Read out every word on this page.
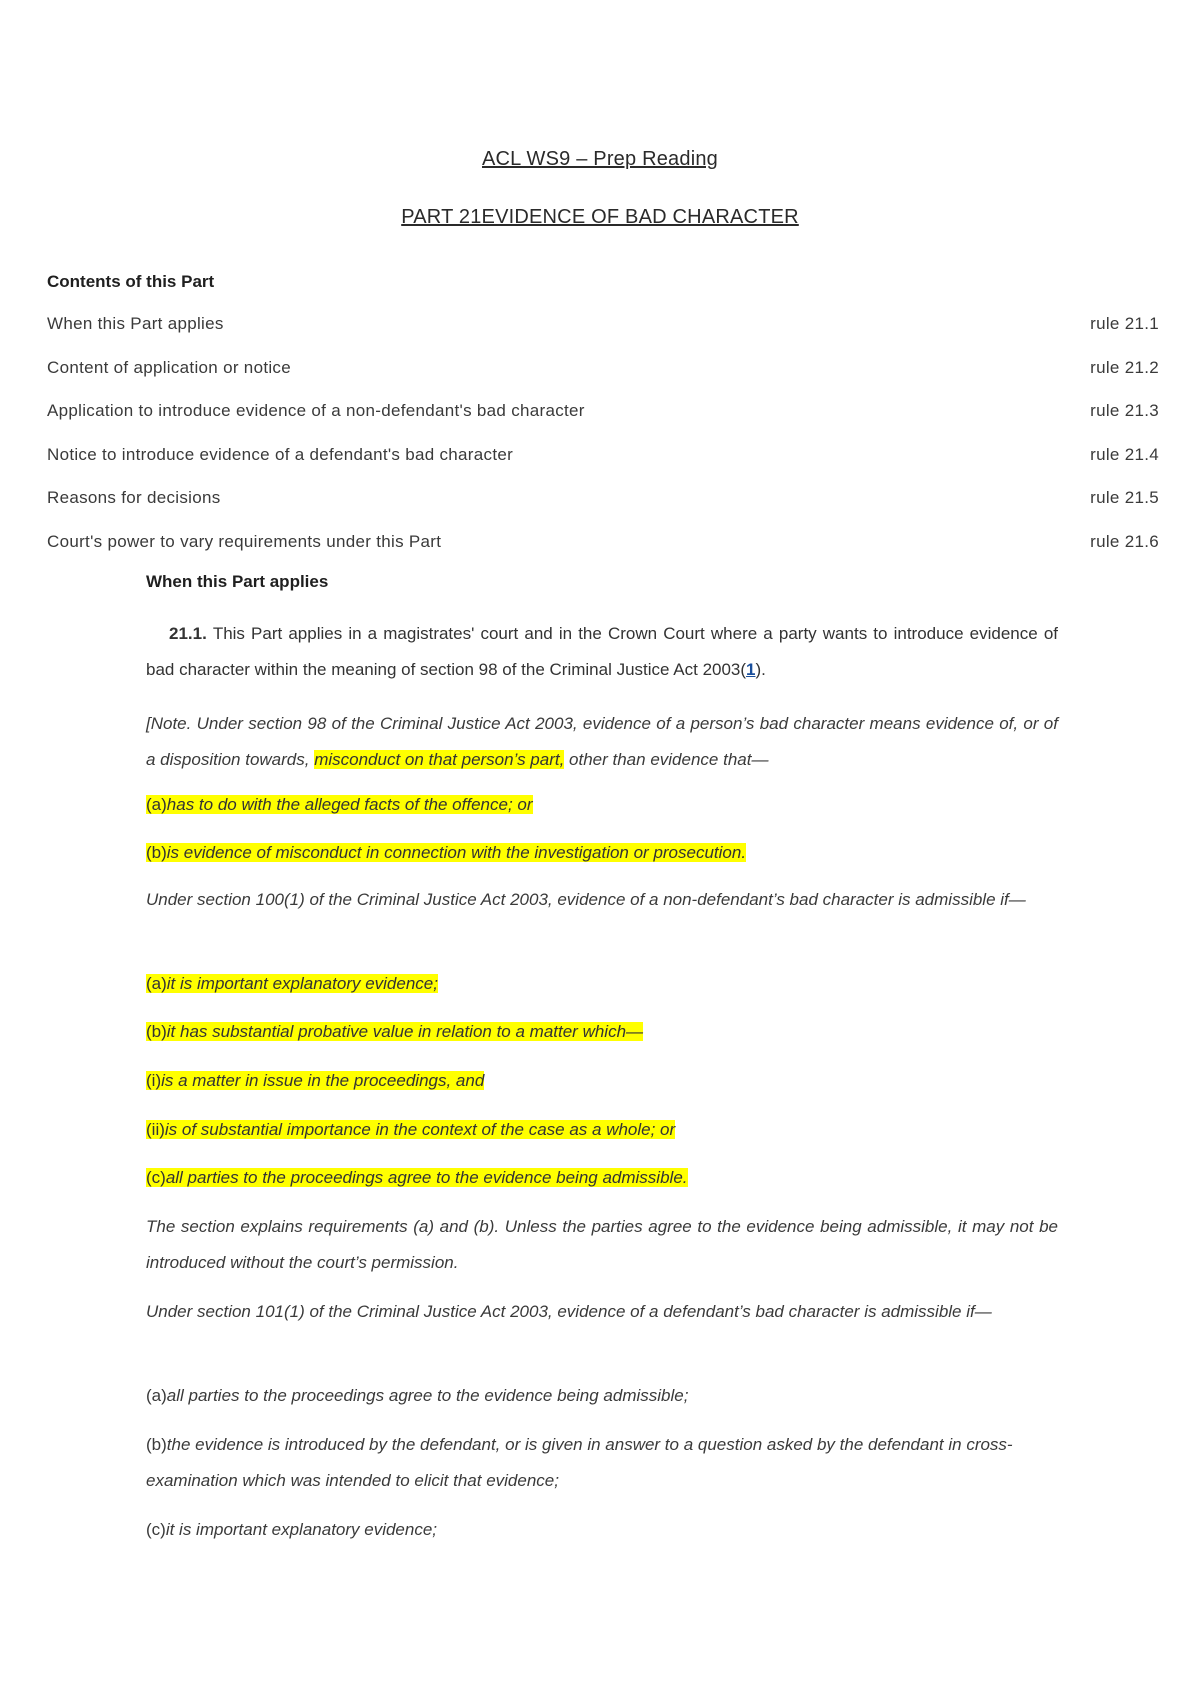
ACL WS9 – Prep Reading
PART 21EVIDENCE OF BAD CHARACTER
Contents of this Part
When this Part applies	rule 21.1
Content of application or notice	rule 21.2
Application to introduce evidence of a non-defendant's bad character	rule 21.3
Notice to introduce evidence of a defendant's bad character	rule 21.4
Reasons for decisions	rule 21.5
Court's power to vary requirements under this Part	rule 21.6
When this Part applies
21.1. This Part applies in a magistrates' court and in the Crown Court where a party wants to introduce evidence of bad character within the meaning of section 98 of the Criminal Justice Act 2003(1).
[Note. Under section 98 of the Criminal Justice Act 2003, evidence of a person’s bad character means evidence of, or of a disposition towards, misconduct on that person’s part, other than evidence that—
(a)has to do with the alleged facts of the offence; or
(b)is evidence of misconduct in connection with the investigation or prosecution.
Under section 100(1) of the Criminal Justice Act 2003, evidence of a non-defendant’s bad character is admissible if—
(a)it is important explanatory evidence;
(b)it has substantial probative value in relation to a matter which—
(i)is a matter in issue in the proceedings, and
(ii)is of substantial importance in the context of the case as a whole; or
(c)all parties to the proceedings agree to the evidence being admissible.
The section explains requirements (a) and (b). Unless the parties agree to the evidence being admissible, it may not be introduced without the court’s permission.
Under section 101(1) of the Criminal Justice Act 2003, evidence of a defendant’s bad character is admissible if—
(a)all parties to the proceedings agree to the evidence being admissible;
(b)the evidence is introduced by the defendant, or is given in answer to a question asked by the defendant in cross-examination which was intended to elicit that evidence;
(c)it is important explanatory evidence;
